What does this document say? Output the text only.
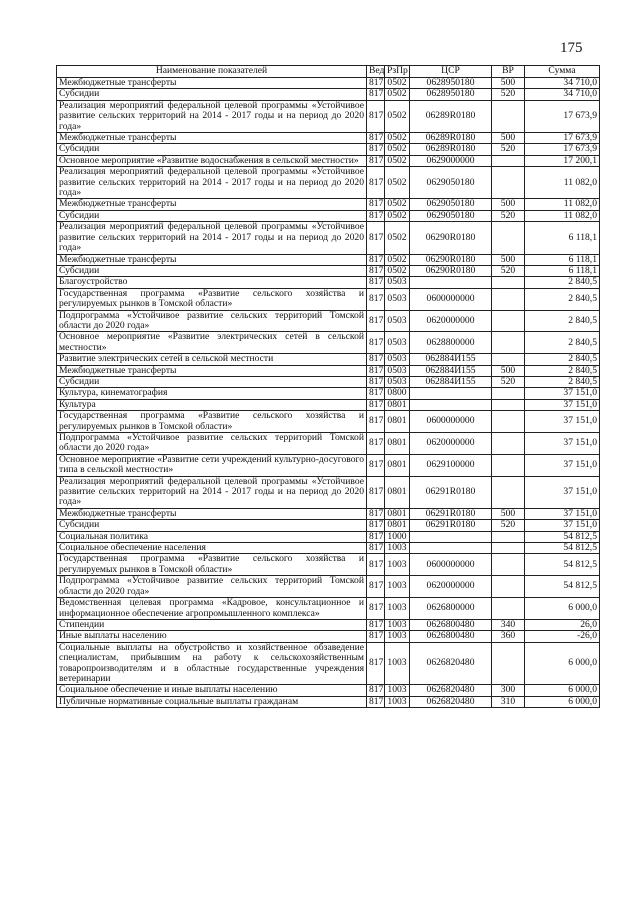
175
Наименование показателей	Вед	РзПр	ЦСР	ВР	Сумма
Межбюджетные трансферты	817	0502	0628950180	500	34 710,0
Субсидии	817	0502	0628950180	520	34 710,0
Реализация мероприятий федеральной целевой программы «Устойчивое развитие сельских территорий на 2014 - 2017 годы и на период до 2020 года»	817	0502	06289R0180		17 673,9
Межбюджетные трансферты	817	0502	06289R0180	500	17 673,9
Субсидии	817	0502	06289R0180	520	17 673,9
Основное мероприятие «Развитие водоснабжения в сельской местности»	817	0502	0629000000		17 200,1
Реализация мероприятий федеральной целевой программы «Устойчивое развитие сельских территорий на 2014 - 2017 годы и на период до 2020 года»	817	0502	0629050180		11 082,0
Межбюджетные трансферты	817	0502	0629050180	500	11 082,0
Субсидии	817	0502	0629050180	520	11 082,0
Реализация мероприятий федеральной целевой программы «Устойчивое развитие сельских территорий на 2014 - 2017 годы и на период до 2020 года»	817	0502	06290R0180		6 118,1
Межбюджетные трансферты	817	0502	06290R0180	500	6 118,1
Субсидии	817	0502	06290R0180	520	6 118,1
Благоустройство	817	0503			2 840,5
Государственная программа «Развитие сельского хозяйства и регулируемых рынков в Томской области»	817	0503	0600000000		2 840,5
Подпрограмма «Устойчивое развитие сельских территорий Томской области до 2020 года»	817	0503	0620000000		2 840,5
Основное мероприятие «Развитие электрических сетей в сельской местности»	817	0503	0628800000		2 840,5
Развитие электрических сетей в сельской местности	817	0503	062884И155		2 840,5
Межбюджетные трансферты	817	0503	062884И155	500	2 840,5
Субсидии	817	0503	062884И155	520	2 840,5
Культура, кинематография	817	0800			37 151,0
Культура	817	0801			37 151,0
Государственная программа «Развитие сельского хозяйства и регулируемых рынков в Томской области»	817	0801	0600000000		37 151,0
Подпрограмма «Устойчивое развитие сельских территорий Томской области до 2020 года»	817	0801	0620000000		37 151,0
Основное мероприятие «Развитие сети учреждений культурно-досугового типа в сельской местности»	817	0801	0629100000		37 151,0
Реализация мероприятий федеральной целевой программы «Устойчивое развитие сельских территорий на 2014 - 2017 годы и на период до 2020 года»	817	0801	06291R0180		37 151,0
Межбюджетные трансферты	817	0801	06291R0180	500	37 151,0
Субсидии	817	0801	06291R0180	520	37 151,0
Социальная политика	817	1000			54 812,5
Социальное обеспечение населения	817	1003			54 812,5
Государственная программа «Развитие сельского хозяйства и регулируемых рынков в Томской области»	817	1003	0600000000		54 812,5
Подпрограмма «Устойчивое развитие сельских территорий Томской области до 2020 года»	817	1003	0620000000		54 812,5
Ведомственная целевая программа «Кадровое, консультационное и информационное обеспечение агропромышленного комплекса»	817	1003	0626800000		6 000,0
Стипендии	817	1003	0626800480	340	26,0
Иные выплаты населению	817	1003	0626800480	360	-26,0
Социальные выплаты на обустройство и хозяйственное обзаведение специалистам, прибывшим на работу к сельскохозяйственным товаропроизводителям и в областные государственные учреждения ветеринарии	817	1003	0626820480		6 000,0
Социальное обеспечение и иные выплаты населению	817	1003	0626820480	300	6 000,0
Публичные нормативные социальные выплаты гражданам	817	1003	0626820480	310	6 000,0
